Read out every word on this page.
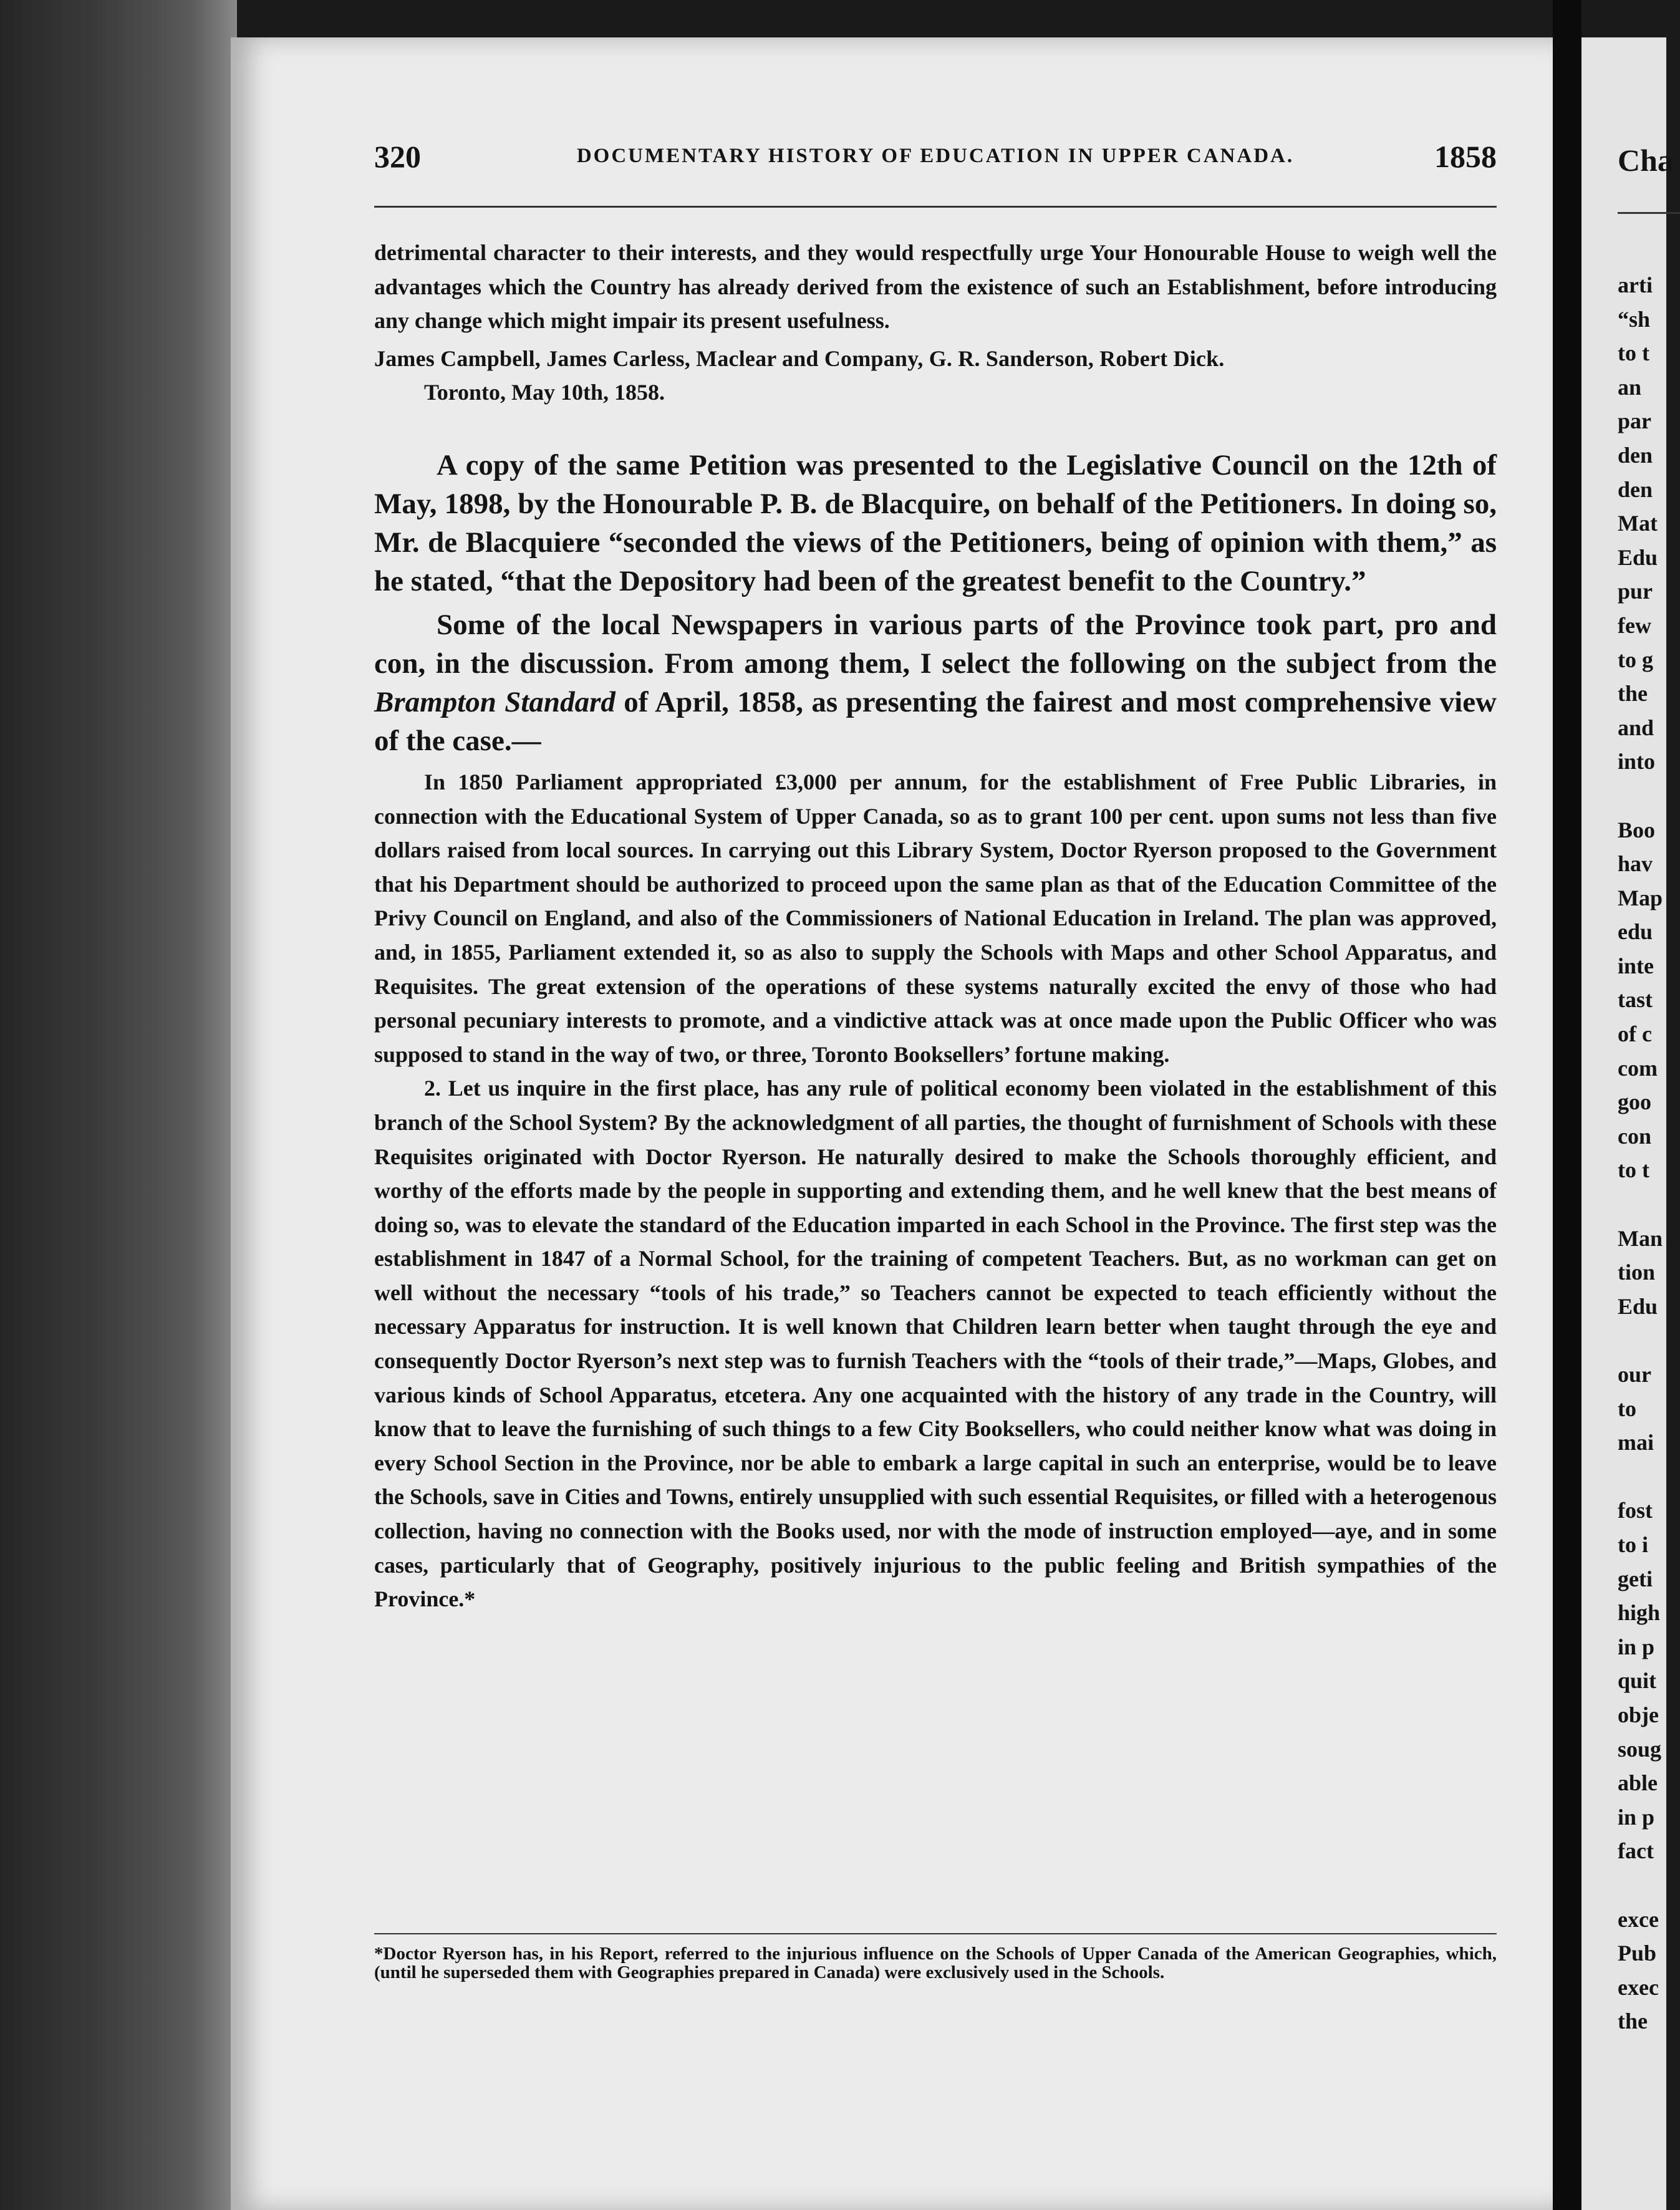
Cha
arti
“sh
to t
an
par
den
den
Mat
Edu
pur
few
to g
the
and
into

Boo
hav
Map
edu
inte
tast
of c
com
goo
con
to t

Man
tion
Edu

our
to
mai

fost
to i
geti
high
in p
quit
obje
soug
able
in p
fact

exce
Pub
exec
the
320	DOCUMENTARY HISTORY OF EDUCATION IN UPPER CANADA.	1858

detrimental character to their interests, and they would respectfully urge Your Honourable House to weigh well the advantages which the Country has already derived from the existence of such an Establishment, before introducing any change which might impair its present usefulness.

James Campbell, James Carless, Maclear and Company, G. R. Sanderson, Robert Dick.

Toronto, May 10th, 1858.

A copy of the same Petition was presented to the Legislative Council on the 12th of May, 1898, by the Honourable P. B. de Blacquire, on behalf of the Petitioners. In doing so, Mr. de Blacquiere “seconded the views of the Petitioners, being of opinion with them,” as he stated, “that the Depository had been of the greatest benefit to the Country.”

Some of the local Newspapers in various parts of the Province took part, pro and con, in the discussion. From among them, I select the following on the subject from the Brampton Standard of April, 1858, as presenting the fairest and most comprehensive view of the case.—

In 1850 Parliament appropriated £3,000 per annum, for the establishment of Free Public Libraries, in connection with the Educational System of Upper Canada, so as to grant 100 per cent. upon sums not less than five dollars raised from local sources. In carrying out this Library System, Doctor Ryerson proposed to the Government that his Department should be authorized to proceed upon the same plan as that of the Education Committee of the Privy Council on England, and also of the Commissioners of National Education in Ireland. The plan was approved, and, in 1855, Parliament extended it, so as also to supply the Schools with Maps and other School Apparatus, and Requisites. The great extension of the operations of these systems naturally excited the envy of those who had personal pecuniary interests to promote, and a vindictive attack was at once made upon the Public Officer who was supposed to stand in the way of two, or three, Toronto Booksellers’ fortune making.

2. Let us inquire in the first place, has any rule of political economy been violated in the establishment of this branch of the School System? By the acknowledgment of all parties, the thought of furnishment of Schools with these Requisites originated with Doctor Ryerson. He naturally desired to make the Schools thoroughly efficient, and worthy of the efforts made by the people in supporting and extending them, and he well knew that the best means of doing so, was to elevate the standard of the Education imparted in each School in the Province. The first step was the establishment in 1847 of a Normal School, for the training of competent Teachers. But, as no workman can get on well without the necessary “tools of his trade,” so Teachers cannot be expected to teach efficiently without the necessary Apparatus for instruction. It is well known that Children learn better when taught through the eye and consequently Doctor Ryerson’s next step was to furnish Teachers with the “tools of their trade,”—Maps, Globes, and various kinds of School Apparatus, etcetera. Any one acquainted with the history of any trade in the Country, will know that to leave the furnishing of such things to a few City Booksellers, who could neither know what was doing in every School Section in the Province, nor be able to embark a large capital in such an enterprise, would be to leave the Schools, save in Cities and Towns, entirely unsupplied with such essential Requisites, or filled with a heterogenous collection, having no connection with the Books used, nor with the mode of instruction employed—aye, and in some cases, particularly that of Geography, positively injurious to the public feeling and British sympathies of the Province.*

*Doctor Ryerson has, in his Report, referred to the injurious influence on the Schools of Upper Canada of the American Geographies, which, (until he superseded them with Geographies prepared in Canada) were exclusively used in the Schools.
